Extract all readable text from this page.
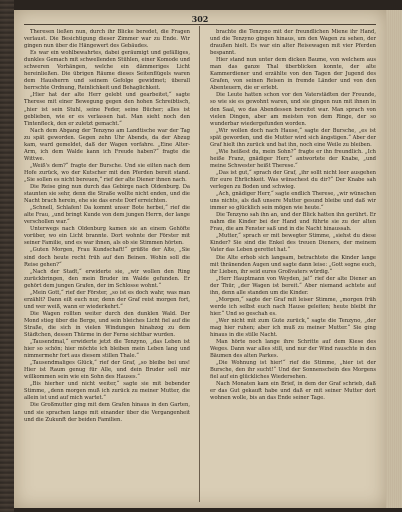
302

Theresen ließen nun, durch ihr Blicke beredet, die Fragen verlaust. Die Besichtigung dieser Zimmer war zu Ende. Wir gingen nun über die Hängewert des Gebäudes.

Es war ein wohlbewahrtes, dabei geräumigt und gefälliges, dunkles Gemach mit schwellenden Stühlen, einer Komode und schweren Vorhängen, welche ein dämmeriges Licht hereinließen. Die übrigen Räume dieses Seitenflügels waren dem Hausherrn und seinem Gefolge gewidmet; überall herrschte Ordnung, Reinlichkeit und Behaglichkeit.

„Hier hat der alte Herr gelebt und gearbeitet,“ sagte Therese mit einer Bewegung gegen den hohen Schreibtisch, „hier ist sein Stuhl, seine Feder, seine Bücher; alles ist geblieben, wie er es verlassen hat. Man sieht noch den Tintenfleck, den er zuletzt gemacht.“

Nach dem Abgang der Tenzyno am Landtische war der Tag zu spät geworden. Gegen zehn Uhr Abends, da der Abzug kam, ward gemeldet, daß der Wagen vorfahre. „Eine Alter-Arm, ich dem Walde kann ich Freude haben?“ fragte die Wittwe.

„Weiß's dem?“ fragte der Bursche. Und sie eilten nach dem Hofe zurück, wo der Kutscher mit den Pferden bereit stand. „Sie sollen es nicht bereuen,“ rief der alte Diener ihnen nach.

Die Reise ging nun durch das Gebirge nach Oldenburg. Da staunten sie sehr, denn die Straße wollte nicht enden, und die Nacht brach herein, ehe sie das erste Dorf erreichten.

„Schnell, Schlafen! Da kommt unser Bote herbei,“ rief die alte Frau, „und bringt Kunde von dem jungen Herrn, der lange verschollen war.“

Unterwegs nach Oldenburg kamen sie an einem Gehöfte vorüber, wo ein Licht brannte. Dort wohnte der Förster mit seiner Familie, und es war ihnen, als ob sie Stimmen hörten.

„Guten Morgen, Frau Kundschaft!“ grüßte der Alte, „Sie sind doch heute recht früh auf den Beinen. Wohin soll die Reise gehen?“

„Nach der Stadt,“ erwiderte sie, „wir wollen den Ring zurückbringen, den mein Bruder im Walde gefunden. Er gehört dem jungen Grafen, der im Schlosse wohnt.“

„Mein Gott,“ rief der Förster, „so ist es doch wahr, was man erzählt? Dann eilt euch nur, denn der Graf reist morgen fort, und wer weiß, wann er wiederkehrt.“

Die Wagen rollten weiter durch den dunklen Wald. Der Mond stieg über die Berge, und sein bleiches Licht fiel auf die Straße, die sich in vielen Windungen hinabzog zu dem Städtchen, dessen Thürme in der Ferne sichtbar wurden.

„Tausendmal,“ erwiderte jetzt die Tenzyno, „das Leben ist hier so schön; hier möchte ich bleiben mein Leben lang und nimmermehr fort aus diesem stillen Thale.“

„Tausendmaliges Glück,“ rief der Graf, „so bleibe bei uns! Hier ist Raum genug für Alle, und dein Bruder soll mir willkommen sein wie ein Sohn des Hauses.“

„Bis hierher und nicht weiter,“ sagte sie mit bebender Stimme, „denn morgen muß ich zurück zu meiner Mutter, die allein ist und auf mich wartet.“

Die Großmutter ging mit dem Grafen hinaus in den Garten, und sie sprachen lange mit einander über die Vergangenheit und die Zukunft der beiden Familien.

brachte die Tenzyno mit der freundlichen Miene ihr Hand, und die Tenzyno gingen hinaus, um den Wagen zu sehen, der draußen hielt. Es war ein alter Reisewagen mit vier Pferden bespannt.

Hier stand nun unter dem dicken Baume, von welchem aus man das ganze Thal überblicken konnte, der alte Kammerdiener und erzählte von den Tagen der Jugend des Grafen, von seinen Reisen in fremde Länder und von den Abenteuern, die er erlebt.

Die Leute hatten schon vor den Vaterstädten der Freunde, so wie sie es gewohnt waren, und sie gingen nun mit ihnen in den Saal, wo das Abendessen bereitet war. Man sprach von vielen Dingen, aber am meisten von dem Ringe, der so wunderbar wiedergefunden worden.

„Wir wollen doch nach Hause,“ sagte der Bursche, „es ist spät geworden, und die Mutter wird sich ängstigen.“ Aber der Graf hielt ihn zurück und bat ihn, noch eine Weile zu bleiben.

„Wie heißest du, mein Sohn?“ fragte er ihn freundlich. „Ich heiße Franz, gnädiger Herr,“ antwortete der Knabe, „und meine Schwester heißt Therese.“

„Das ist gut,“ sprach der Graf, „ihr sollt nicht leer ausgehen für eure Ehrlichkeit. Was wünschest du dir?“ Der Knabe sah verlegen zu Boden und schwieg.

„Ach, gnädiger Herr,“ sagte endlich Therese, „wir wünschen uns nichts, als daß unsere Mutter gesund bleibe und daß wir immer so glücklich sein mögen wie heute.“

Die Tenzyno sah ihn an, und der Blick hatten ihn gerührt. Er nahm die Kinder bei der Hand und führte sie zu der alten Frau, die am Fenster saß und in die Nacht hinaussah.

„Mutter,“ sprach er mit bewegter Stimme, „siehst du diese Kinder? Sie sind die Enkel des treuen Dieners, der meinem Vater das Leben gerettet hat.“

Die Alte erhob sich langsam, betrachtete die Kinder lange mit thränenden Augen und sagte dann leise: „Gott segne euch, ihr Lieben, ihr seid eures Großvaters würdig.“

„Herr Hauptmann von Weyden, ja!“ rief der alte Diener an der Thür, „der Wagen ist bereit.“ Aber niemand achtete auf ihn, denn alle standen um die Kinder.

„Morgen,“ sagte der Graf mit leiser Stimme, „morgen früh werde ich selbst euch nach Hause geleiten; heute bleibt ihr hier.“ Und so geschah es.

„Wer nicht mit zum Gute zurück,“ sagte die Tenzyno, „der mag hier ruhen; aber ich muß zu meiner Mutter.“ Sie ging hinaus in die stille Nacht.

Man hörte noch lange ihre Schritte auf dem Kiese des Weges. Dann war alles still, und nur der Wind rauschte in den Bäumen des alten Parkes.

„Die Wohnung ist hier!“ rief die Stimme, „hier ist der Bursche, den ihr sucht!“ Und der Sonnenschein des Morgens fiel auf ein glückliches Wiedersehen.

Nach Monaten kam ein Brief, in dem der Graf schrieb, daß er das Gut gekauft habe und daß er mit seiner Mutter dort wohnen wolle, bis an das Ende seiner Tage.
